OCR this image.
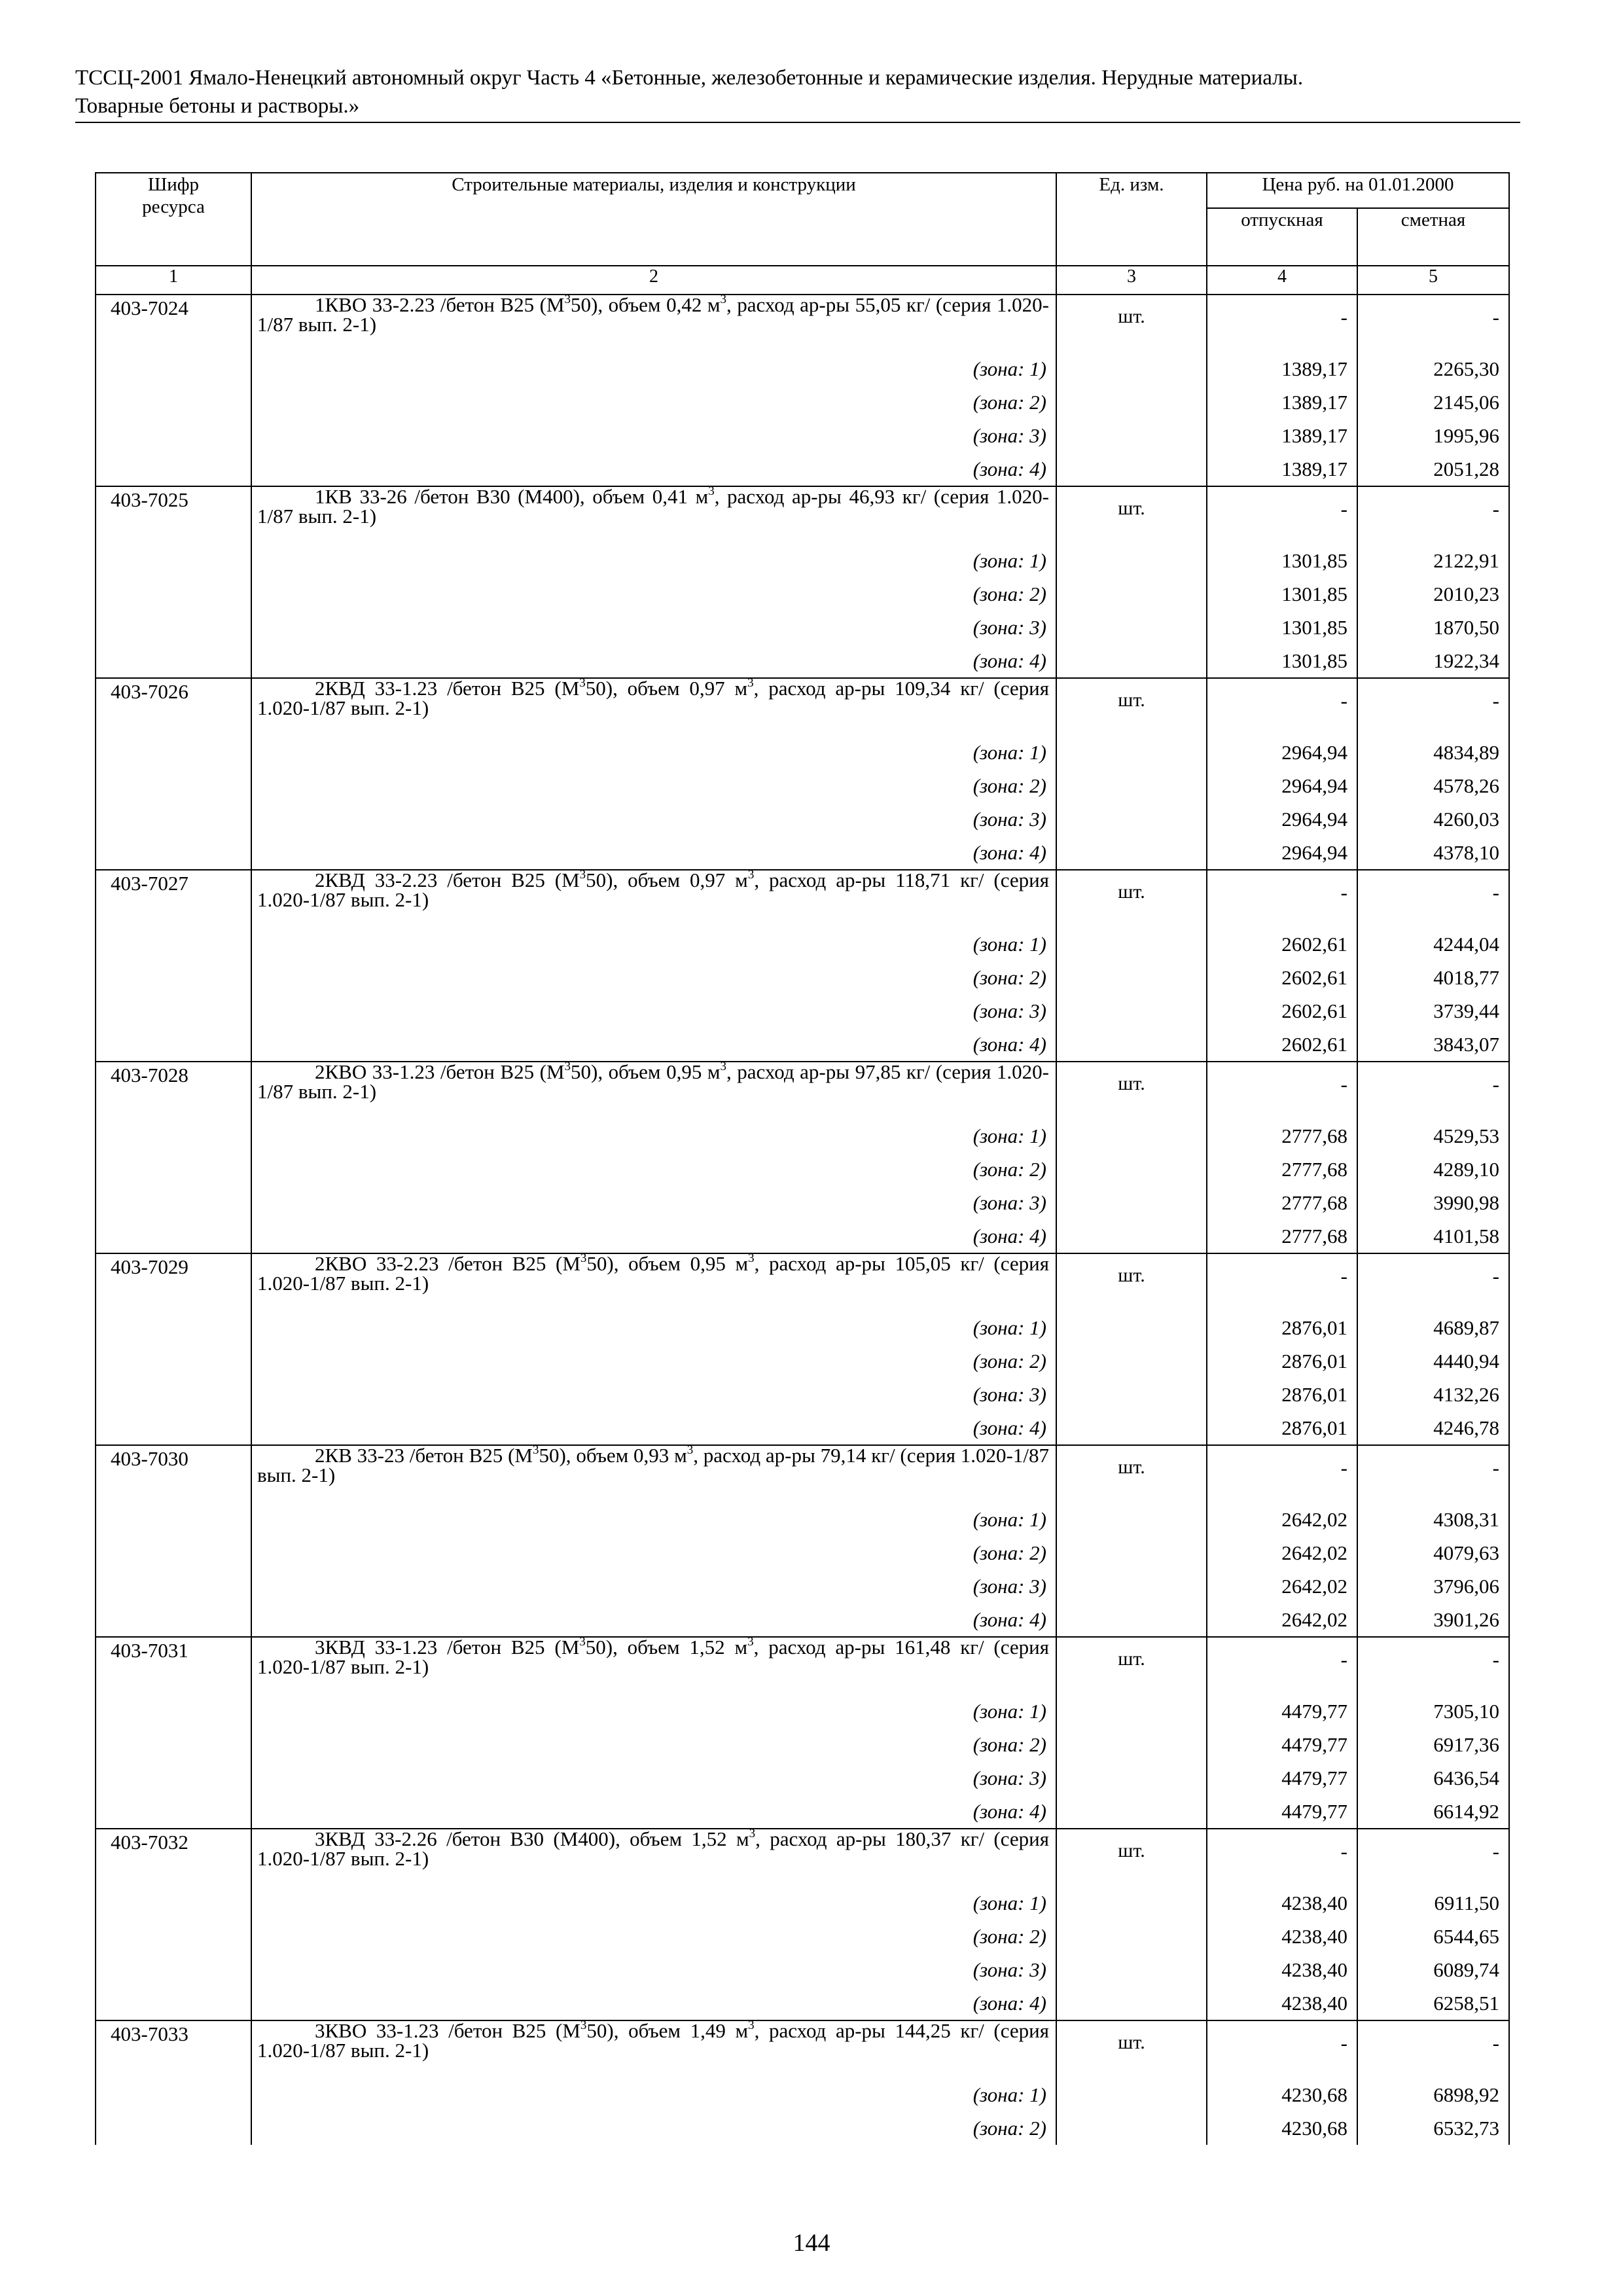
ТССЦ-2001 Ямало-Ненецкий автономный округ Часть 4 «Бетонные, железобетонные и керамические изделия. Нерудные материалы.
Товарные бетоны и растворы.»
Шифр ресурса	Строительные материалы, изделия и конструкции	Ед. изм.	Цена руб. на 01.01.2000	
			отпускная	сметная
1	2	3	4	5
403-7024	1КВО 33-2.23 /бетон В25 $(М^350)$, объем 0,42 $м^3$, расход ар-ры 55,05 кг/ (серия 1.020-1/87 вып. 2-1)	шт.	-	-
	(зона: 1)		1389,17	2265,30
	(зона: 2)		1389,17	2145,06
	(зона: 3)		1389,17	1995,96
	(зона: 4)		1389,17	2051,28
403-7025	1КВ 33-26 /бетон В30 (М400), объем 0,41 $м^3$, расход ар-ры 46,93 кг/ (серия 1.020-1/87 вып. 2-1)	шт.	-	-
	(зона: 1)		1301,85	2122,91
	(зона: 2)		1301,85	2010,23
	(зона: 3)		1301,85	1870,50
	(зона: 4)		1301,85	1922,34
403-7026	2КВД 33-1.23 /бетон В25 $(М^350)$, объем 0,97 $м^3$, расход ар-ры 109,34 кг/ (серия 1.020-1/87 вып. 2-1)	шт.	-	-
	(зона: 1)		2964,94	4834,89
	(зона: 2)		2964,94	4578,26
	(зона: 3)		2964,94	4260,03
	(зона: 4)		2964,94	4378,10
403-7027	2КВД 33-2.23 /бетон В25 $(М^350)$, объем 0,97 $м^3$, расход ар-ры 118,71 кг/ (серия 1.020-1/87 вып. 2-1)	шт.	-	-
	(зона: 1)		2602,61	4244,04
	(зона: 2)		2602,61	4018,77
	(зона: 3)		2602,61	3739,44
	(зона: 4)		2602,61	3843,07
403-7028	2КВО 33-1.23 /бетон В25 $(М^350)$, объем 0,95 $м^3$, расход ар-ры 97,85 кг/ (серия 1.020-1/87 вып. 2-1)	шт.	-	-
	(зона: 1)		2777,68	4529,53
	(зона: 2)		2777,68	4289,10
	(зона: 3)		2777,68	3990,98
	(зона: 4)		2777,68	4101,58
403-7029	2КВО 33-2.23 /бетон В25 $(М^350)$, объем 0,95 $м^3$, расход ар-ры 105,05 кг/ (серия 1.020-1/87 вып. 2-1)	шт.	-	-
	(зона: 1)		2876,01	4689,87
	(зона: 2)		2876,01	4440,94
	(зона: 3)		2876,01	4132,26
	(зона: 4)		2876,01	4246,78
403-7030	2КВ 33-23 /бетон В25 $(М^350)$, объем 0,93 $м^3$, расход ар-ры 79,14 кг/ (серия 1.020-1/87 вып. 2-1)	шт.	-	-
	(зона: 1)		2642,02	4308,31
	(зона: 2)		2642,02	4079,63
	(зона: 3)		2642,02	3796,06
	(зона: 4)		2642,02	3901,26
403-7031	3КВД 33-1.23 /бетон В25 $(М^350)$, объем 1,52 $м^3$, расход ар-ры 161,48 кг/ (серия 1.020-1/87 вып. 2-1)	шт.	-	-
	(зона: 1)		4479,77	7305,10
	(зона: 2)		4479,77	6917,36
	(зона: 3)		4479,77	6436,54
	(зона: 4)		4479,77	6614,92
403-7032	3КВД 33-2.26 /бетон В30 (М400), объем 1,52 $м^3$, расход ар-ры 180,37 кг/ (серия 1.020-1/87 вып. 2-1)	шт.	-	-
	(зона: 1)		4238,40	6911,50
	(зона: 2)		4238,40	6544,65
	(зона: 3)		4238,40	6089,74
	(зона: 4)		4238,40	6258,51
403-7033	3КВО 33-1.23 /бетон В25 $(М^350)$, объем 1,49 $м^3$, расход ар-ры 144,25 кг/ (серия 1.020-1/87 вып. 2-1)	шт.	-	-
	(зона: 1)		4230,68	6898,92
	(зона: 2)		4230,68	6532,73
144
